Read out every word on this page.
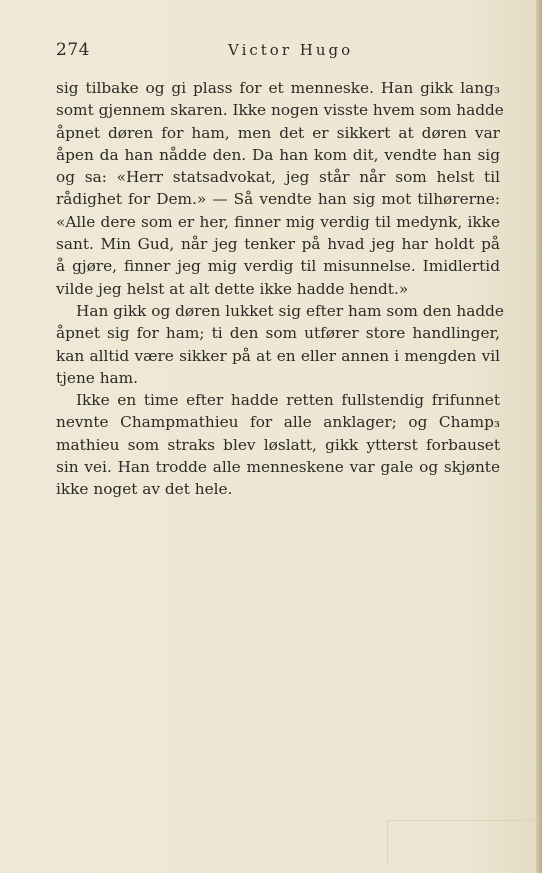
274	Victor Hugo
sig tilbake og gi plass for et menneske. Han gikk lang₃
somt gjennem skaren. Ikke nogen visste hvem som hadde
åpnet døren for ham, men det er sikkert at døren var
åpen da han nådde den. Da han kom dit, vendte han sig
og sa: «Herr statsadvokat, jeg står når som helst til
rådighet for Dem.» — Så vendte han sig mot tilhørerne:
«Alle dere som er her, finner mig verdig til medynk, ikke
sant. Min Gud, når jeg tenker på hvad jeg har holdt på
å gjøre, finner jeg mig verdig til misunnelse. Imidlertid
vilde jeg helst at alt dette ikke hadde hendt.»
Han gikk og døren lukket sig efter ham som den hadde
åpnet sig for ham; ti den som utfører store handlinger,
kan alltid være sikker på at en eller annen i mengden vil
tjene ham.
Ikke en time efter hadde retten fullstendig frifunnet
nevnte Champmathieu for alle anklager; og Champ₃
mathieu som straks blev løslatt, gikk ytterst forbauset
sin vei. Han trodde alle menneskene var gale og skjønte
ikke noget av det hele.
